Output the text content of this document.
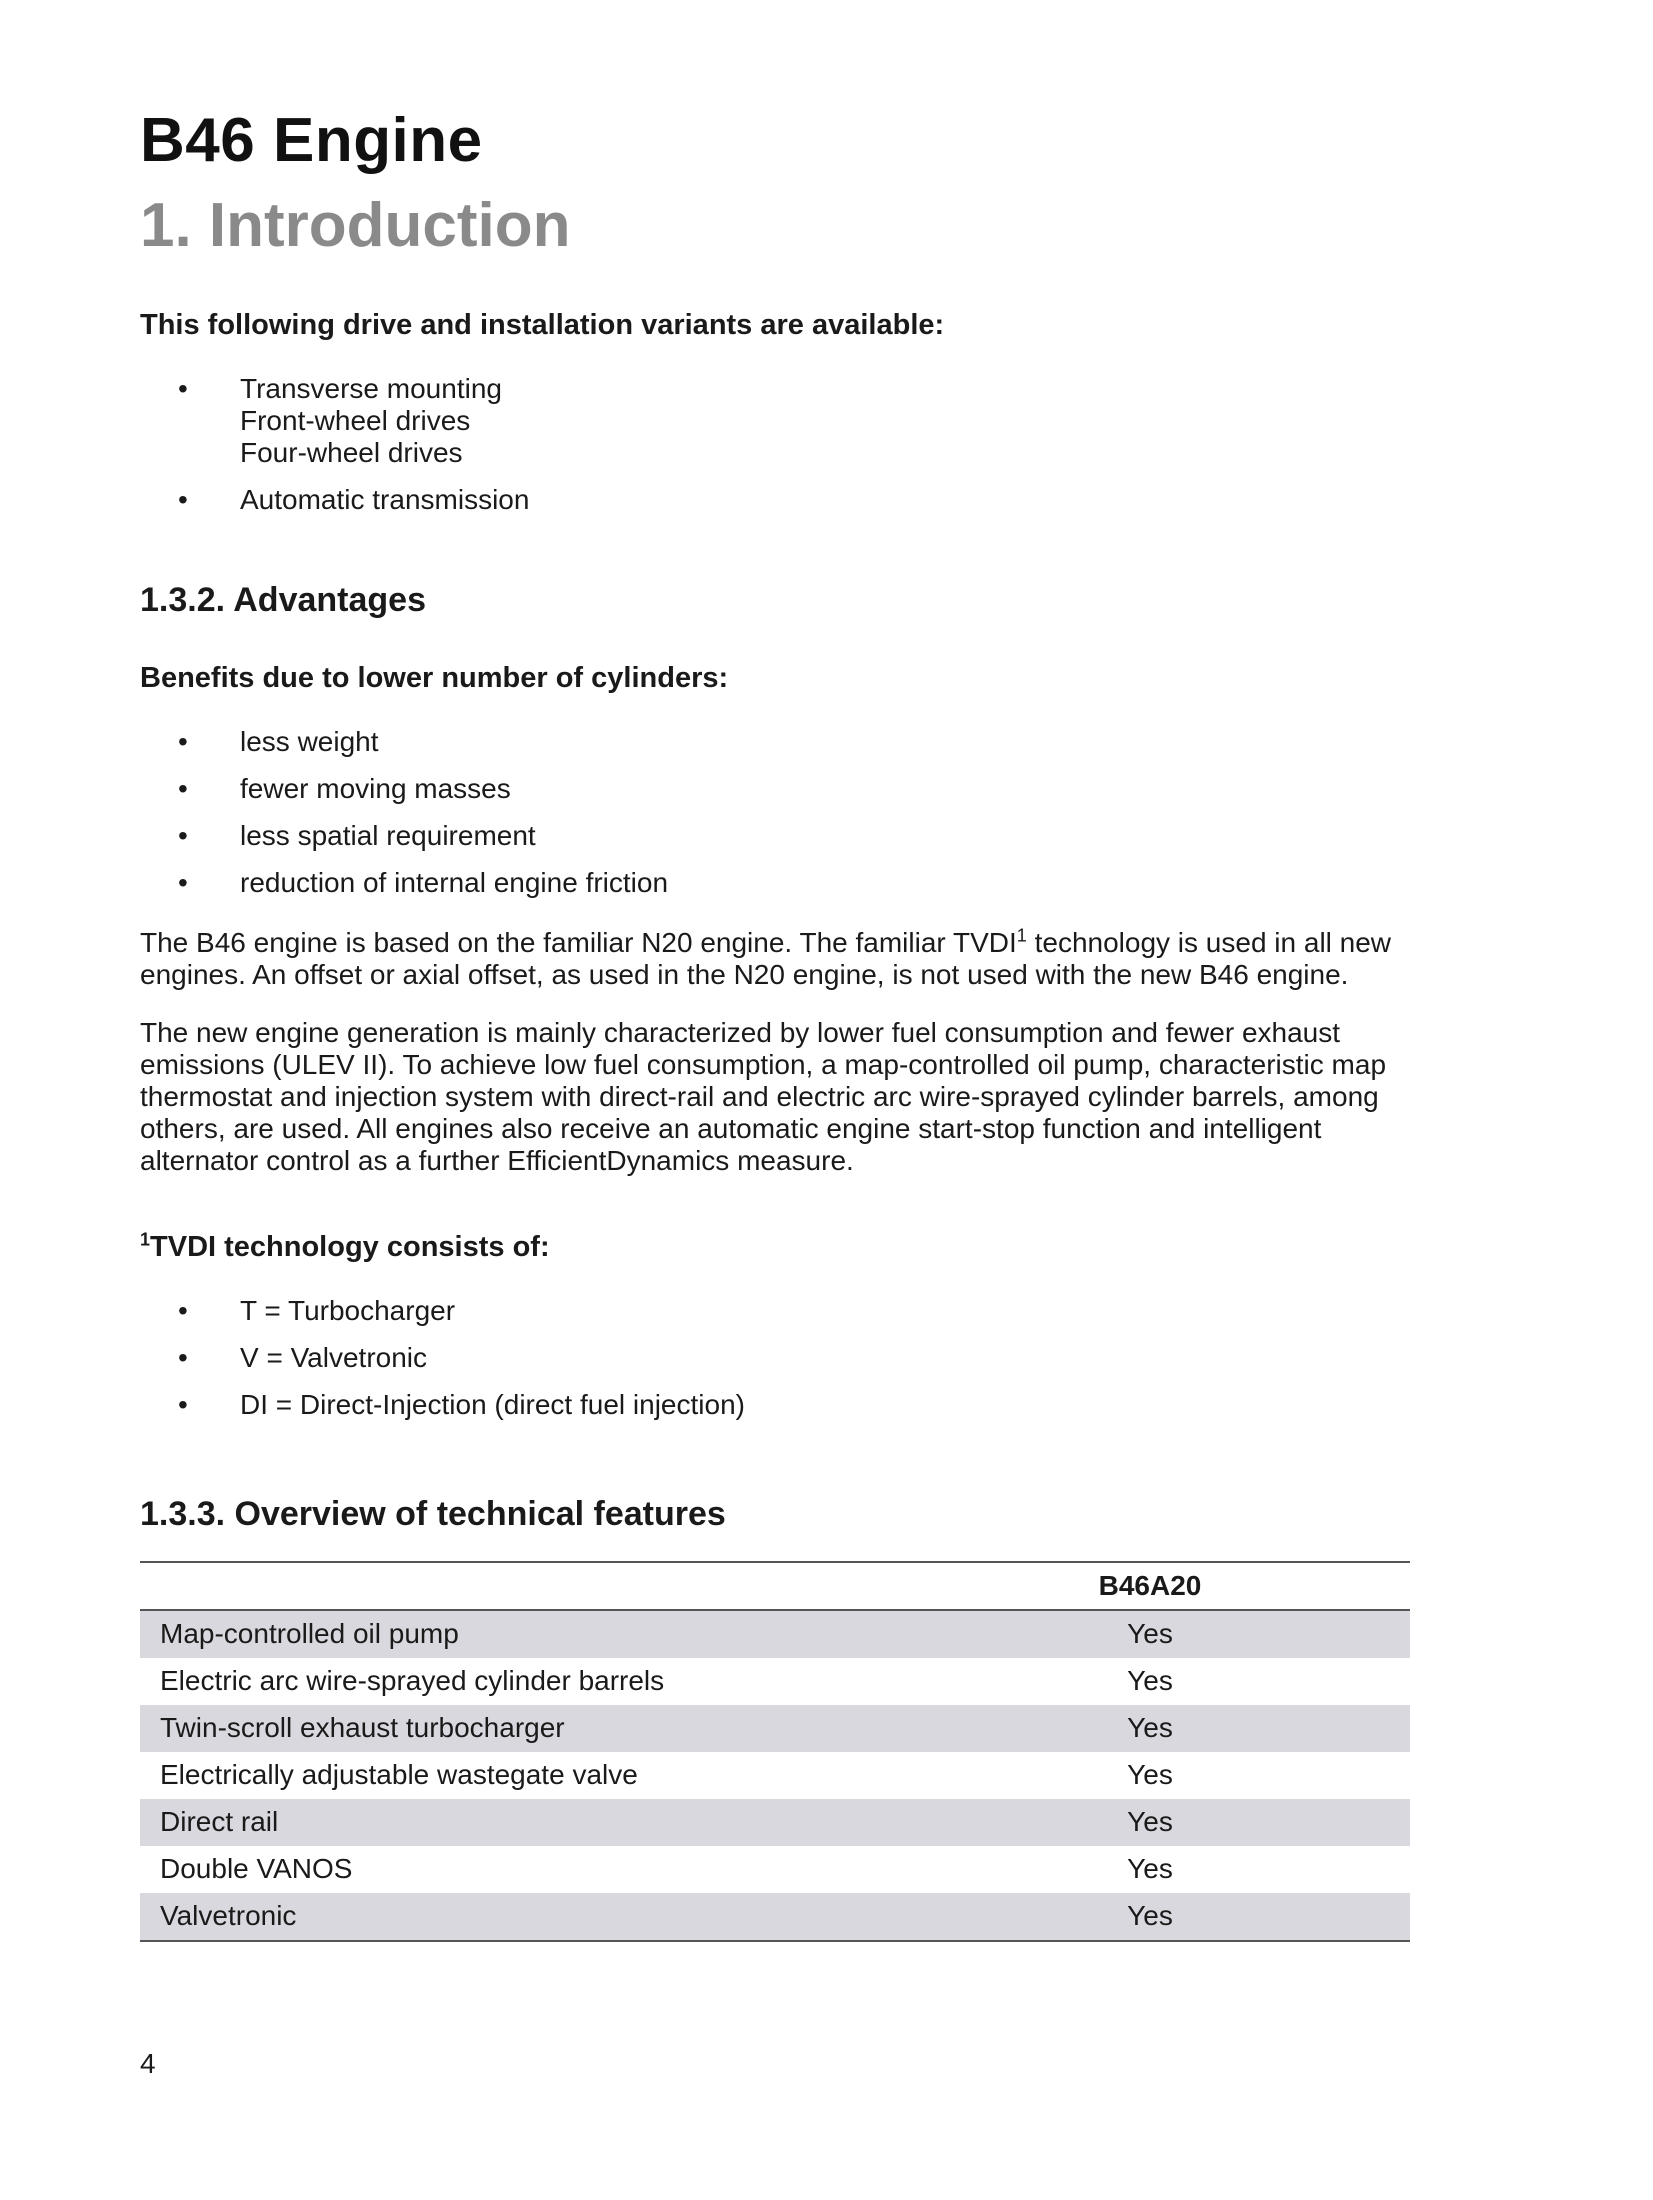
B46 Engine
1. Introduction

This following drive and installation variants are available:

• Transverse mounting
Front-wheel drives
Four-wheel drives
• Automatic transmission
1.3.2. Advantages

Benefits due to lower number of cylinders:

• less weight
• fewer moving masses
• less spatial requirement
• reduction of internal engine friction

The B46 engine is based on the familiar N20 engine. The familiar TVDI$^1$ technology is used in all new engines. An offset or axial offset, as used in the N20 engine, is not used with the new B46 engine.

The new engine generation is mainly characterized by lower fuel consumption and fewer exhaust emissions (ULEV II). To achieve low fuel consumption, a map-controlled oil pump, characteristic map thermostat and injection system with direct-rail and electric arc wire-sprayed cylinder barrels, among others, are used. All engines also receive an automatic engine start-stop function and intelligent alternator control as a further EfficientDynamics measure.

$^1$TVDI technology consists of:

• T = Turbocharger
• V = Valvetronic
• DI = Direct-Injection (direct fuel injection)
1.3.3. Overview of technical features
	B46A20
Map-controlled oil pump	Yes
Electric arc wire-sprayed cylinder barrels	Yes
Twin-scroll exhaust turbocharger	Yes
Electrically adjustable wastegate valve	Yes
Direct rail	Yes
Double VANOS	Yes
Valvetronic	Yes
4
